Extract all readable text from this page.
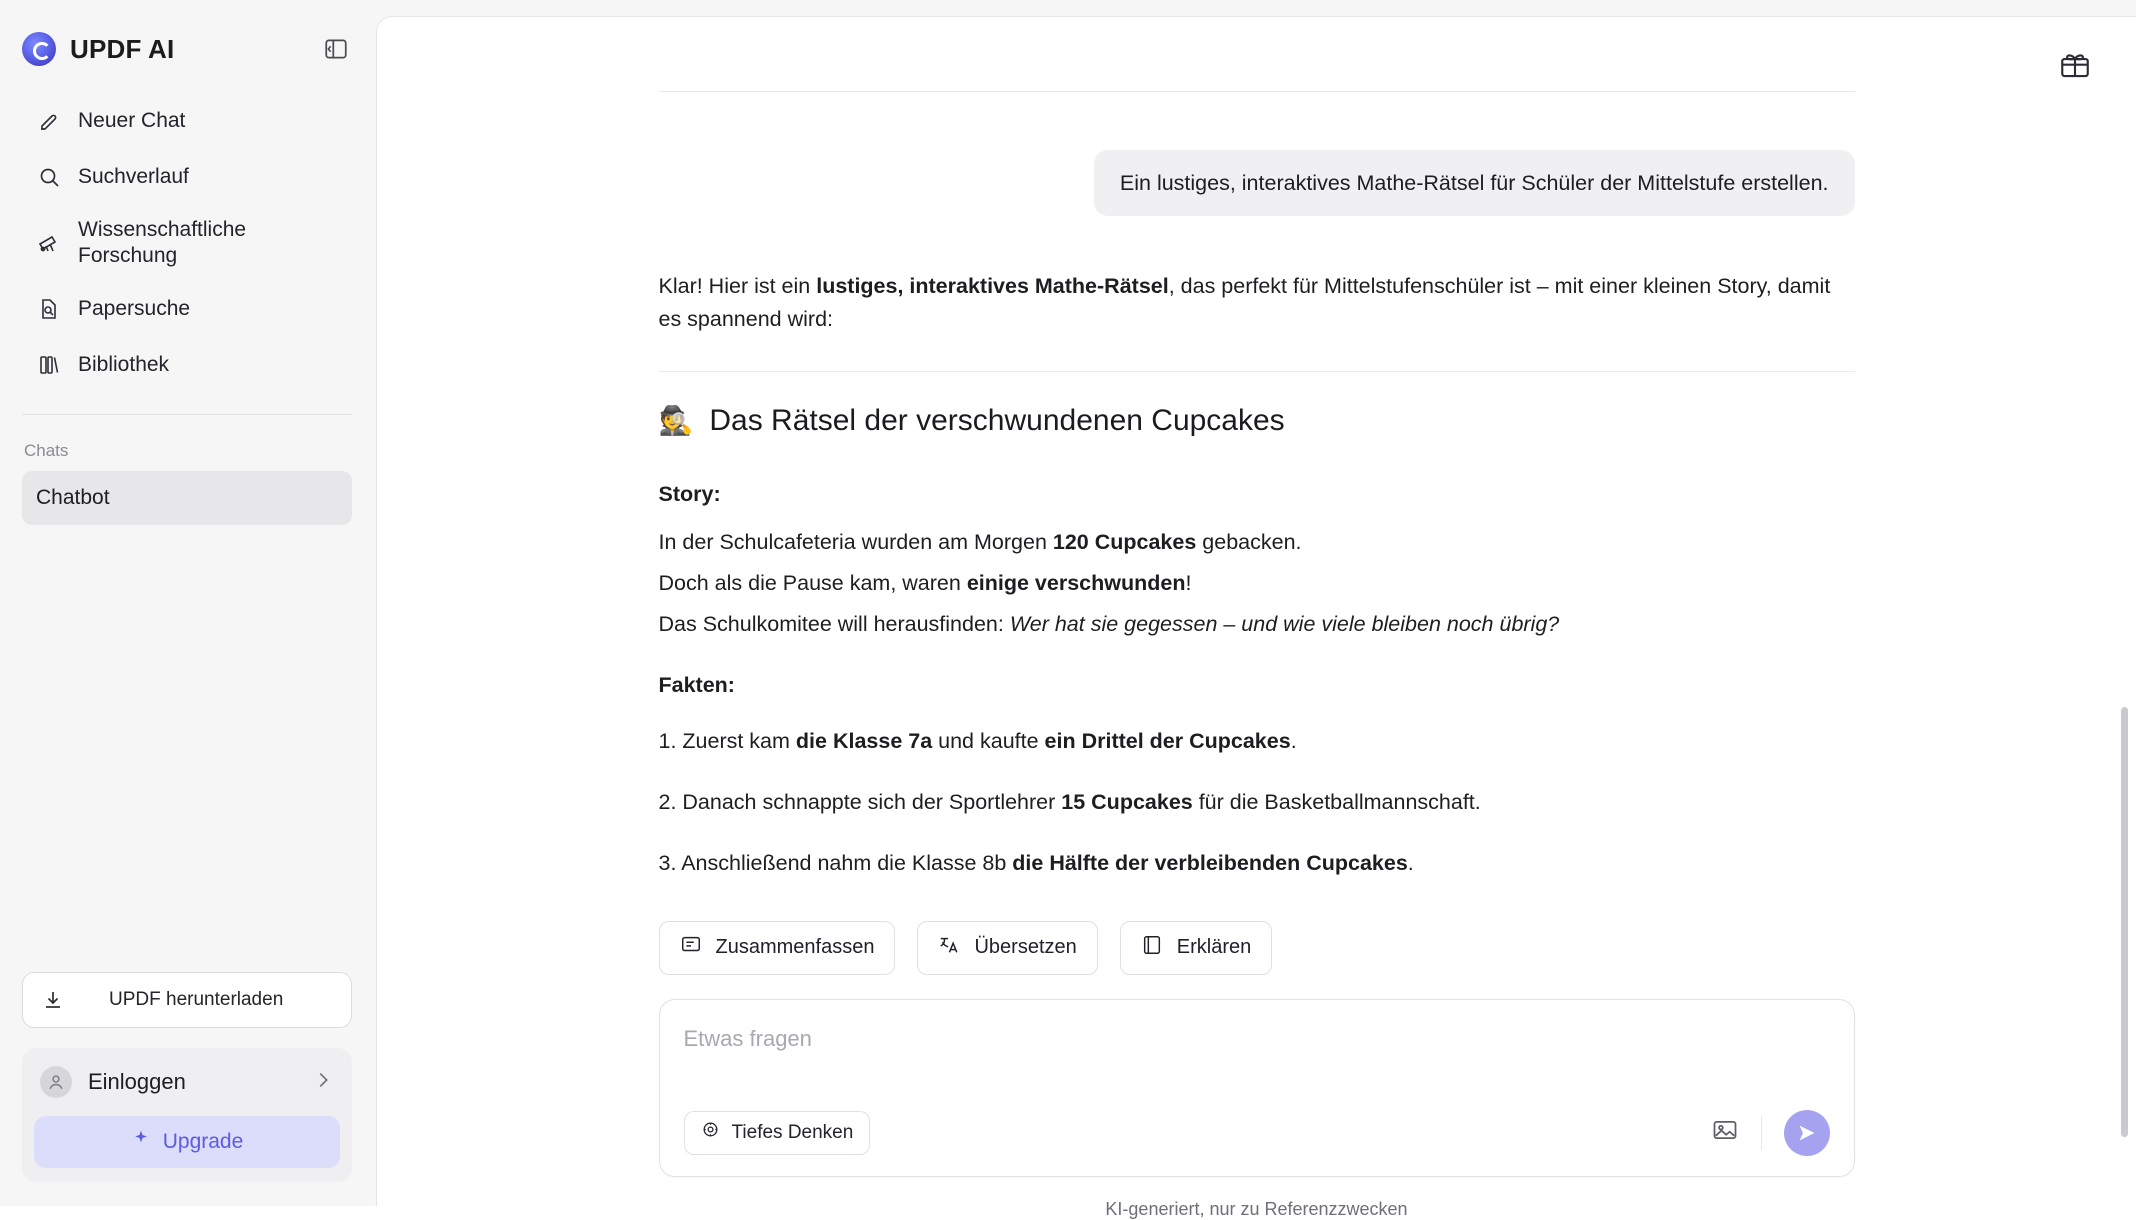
UPDF AI
Neuer Chat
Suchverlauf
Wissenschaftliche Forschung
Papersuche
Bibliothek
Chats
Chatbot
UPDF herunterladen
Einloggen
Upgrade
Ein lustiges, interaktives Mathe-Rätsel für Schüler der Mittelstufe erstellen.

Klar! Hier ist ein lustiges, interaktives Mathe-Rätsel, das perfekt für Mittelstufenschüler ist – mit einer kleinen Story, damit es spannend wird:

🕵️ Das Rätsel der verschwundenen Cupcakes
Story:
In der Schulcafeteria wurden am Morgen 120 Cupcakes gebacken.
Doch als die Pause kam, waren einige verschwunden!
Das Schulkomitee will herausfinden: Wer hat sie gegessen – und wie viele bleiben noch übrig?
Fakten:
1. Zuerst kam die Klasse 7a und kaufte ein Drittel der Cupcakes.
2. Danach schnappte sich der Sportlehrer 15 Cupcakes für die Basketballmannschaft.
3. Anschließend nahm die Klasse 8b die Hälfte der verbleibenden Cupcakes.
Zusammenfassen	Übersetzen	Erklären
Etwas fragen
Tiefes Denken
KI-generiert, nur zu Referenzzwecken
